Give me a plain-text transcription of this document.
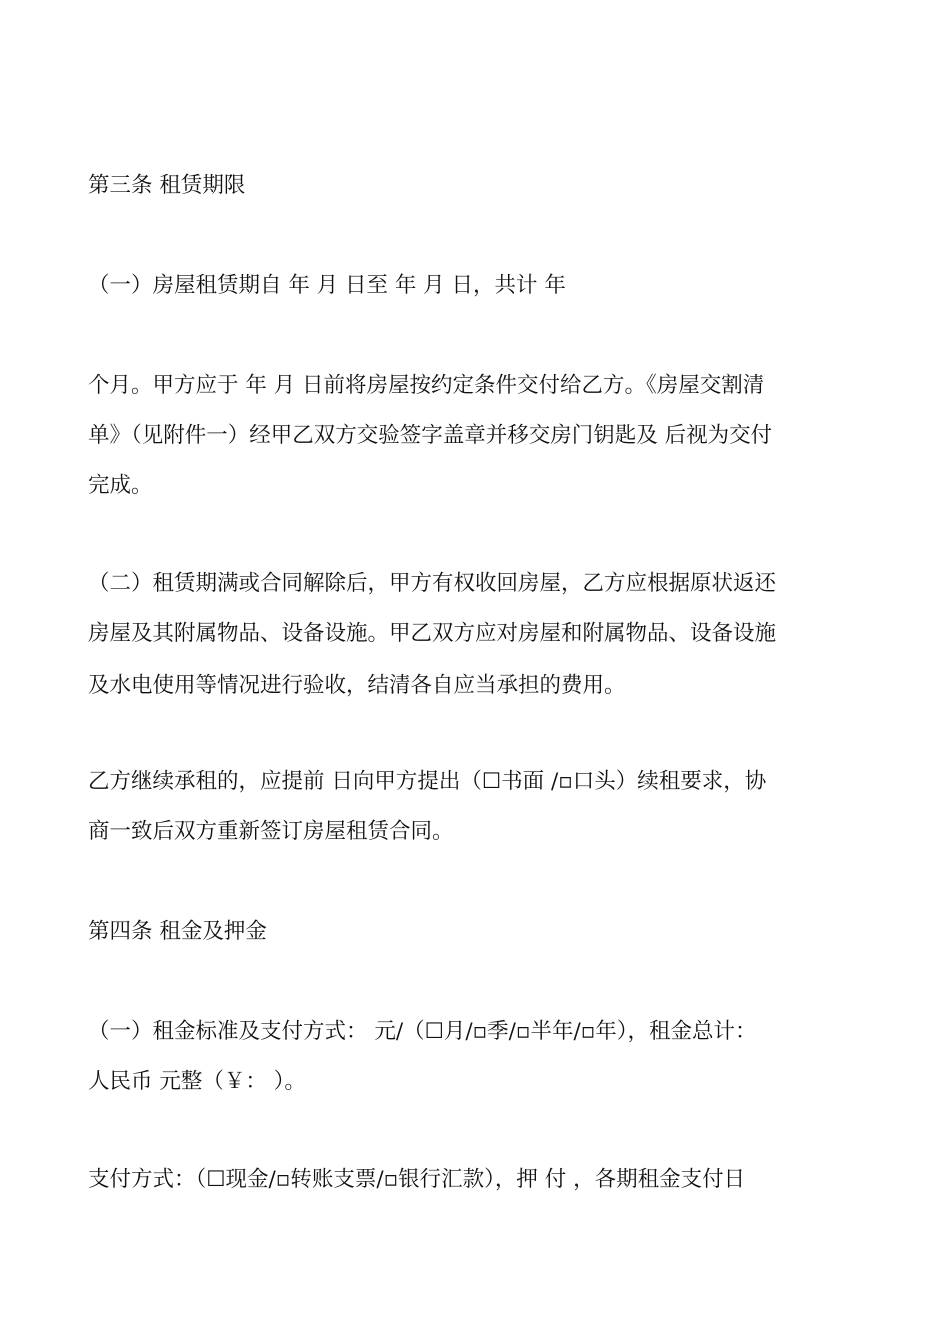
第三条 租赁期限
（一）房屋租赁期自 年 月 日至 年 月 日，共计 年
个月。甲方应于 年 月 日前将房屋按约定条件交付给乙方。《房屋交割清
单》（见附件一）经甲乙双方交验签字盖章并移交房门钥匙及 后视为交付
完成。
（二）租赁期满或合同解除后，甲方有权收回房屋，乙方应根据原状返还
房屋及其附属物品、设备设施。甲乙双方应对房屋和附属物品、设备设施
及水电使用等情况进行验收，结清各自应当承担的费用。
乙方继续承租的，应提前 日向甲方提出（☐书面 /▫口头）续租要求，协
商一致后双方重新签订房屋租赁合同。
第四条 租金及押金
（一）租金标准及支付方式： 元/（☐月/▫季/▫半年/▫年），租金总计：
人民币 元整（￥： ）。
支付方式：（☐现金/▫转账支票/▫银行汇款），押 付 ，各期租金支付日
